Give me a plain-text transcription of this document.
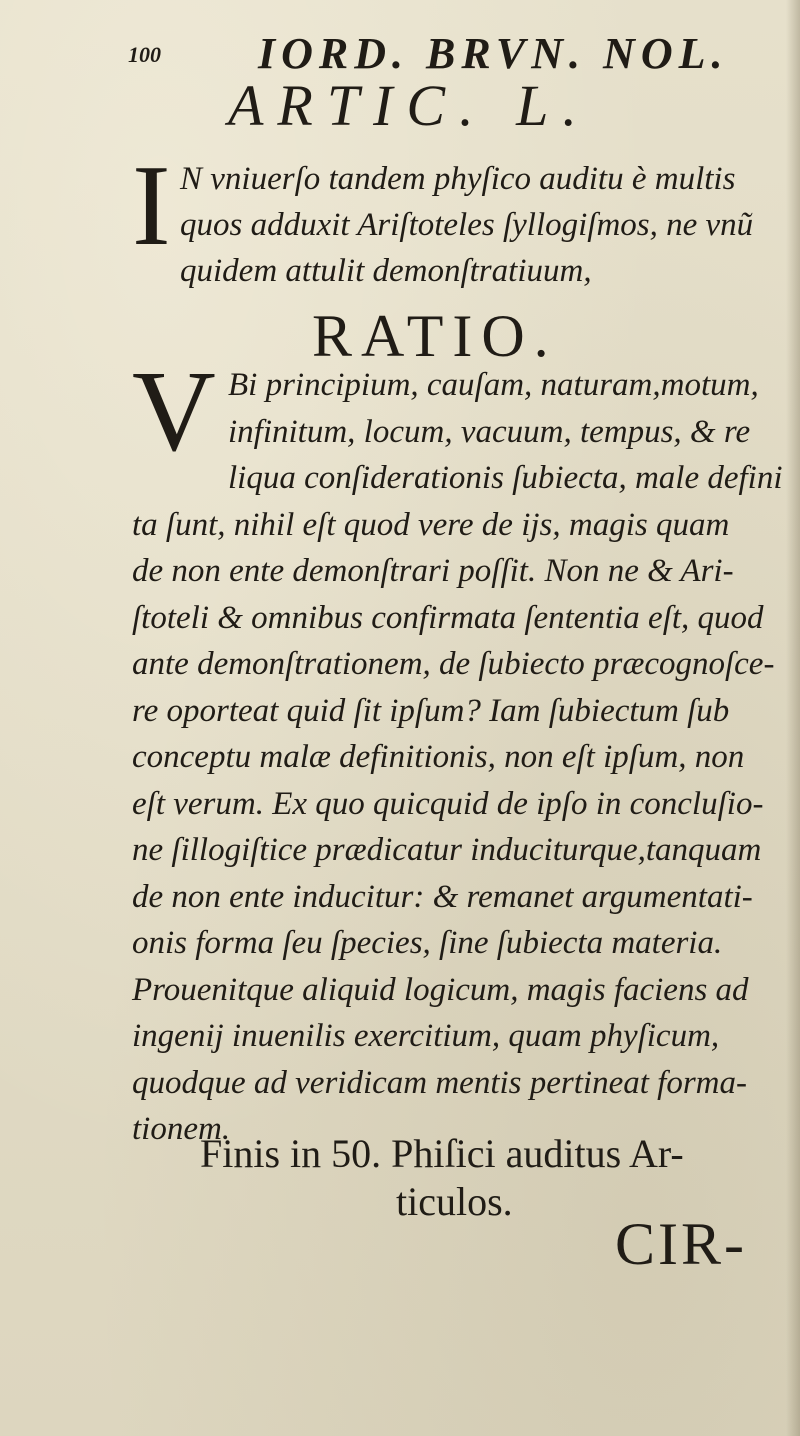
100 IORD. BRVN. NOL.
ARTIC. L.
I N vniuerſo tandem phyſico auditu è multis
quos adduxit Ariſtoteles ſyllogiſmos, ne vnũ
quidem attulit demonſtratiuum,
RATIO.
V Bi principium, cauſam, naturam,motum,
infinitum, locum, vacuum, tempus, & re
liqua conſiderationis ſubiecta, male defini
ta ſunt, nihil eſt quod vere de ijs, magis quam
de non ente demonſtrari poſſit. Non ne & Ari-
ſtoteli & omnibus confirmata ſententia eſt, quod
ante demonſtrationem, de ſubiecto præcognoſce-
re oporteat quid ſit ipſum? Iam ſubiectum ſub
conceptu malæ definitionis, non eſt ipſum, non
eſt verum. Ex quo quicquid de ipſo in concluſio-
ne ſillogiſtice prædicatur induciturque,tanquam
de non ente inducitur: & remanet argumentati-
onis forma ſeu ſpecies, ſine ſubiecta materia.
Prouenitque aliquid logicum, magis faciens ad
ingenij inuenilis exercitium, quam phyſicum,
quodque ad veridicam mentis pertineat forma-
tionem.
Finis in 50. Phiſici auditus Ar-
ticulos.
CIR-
